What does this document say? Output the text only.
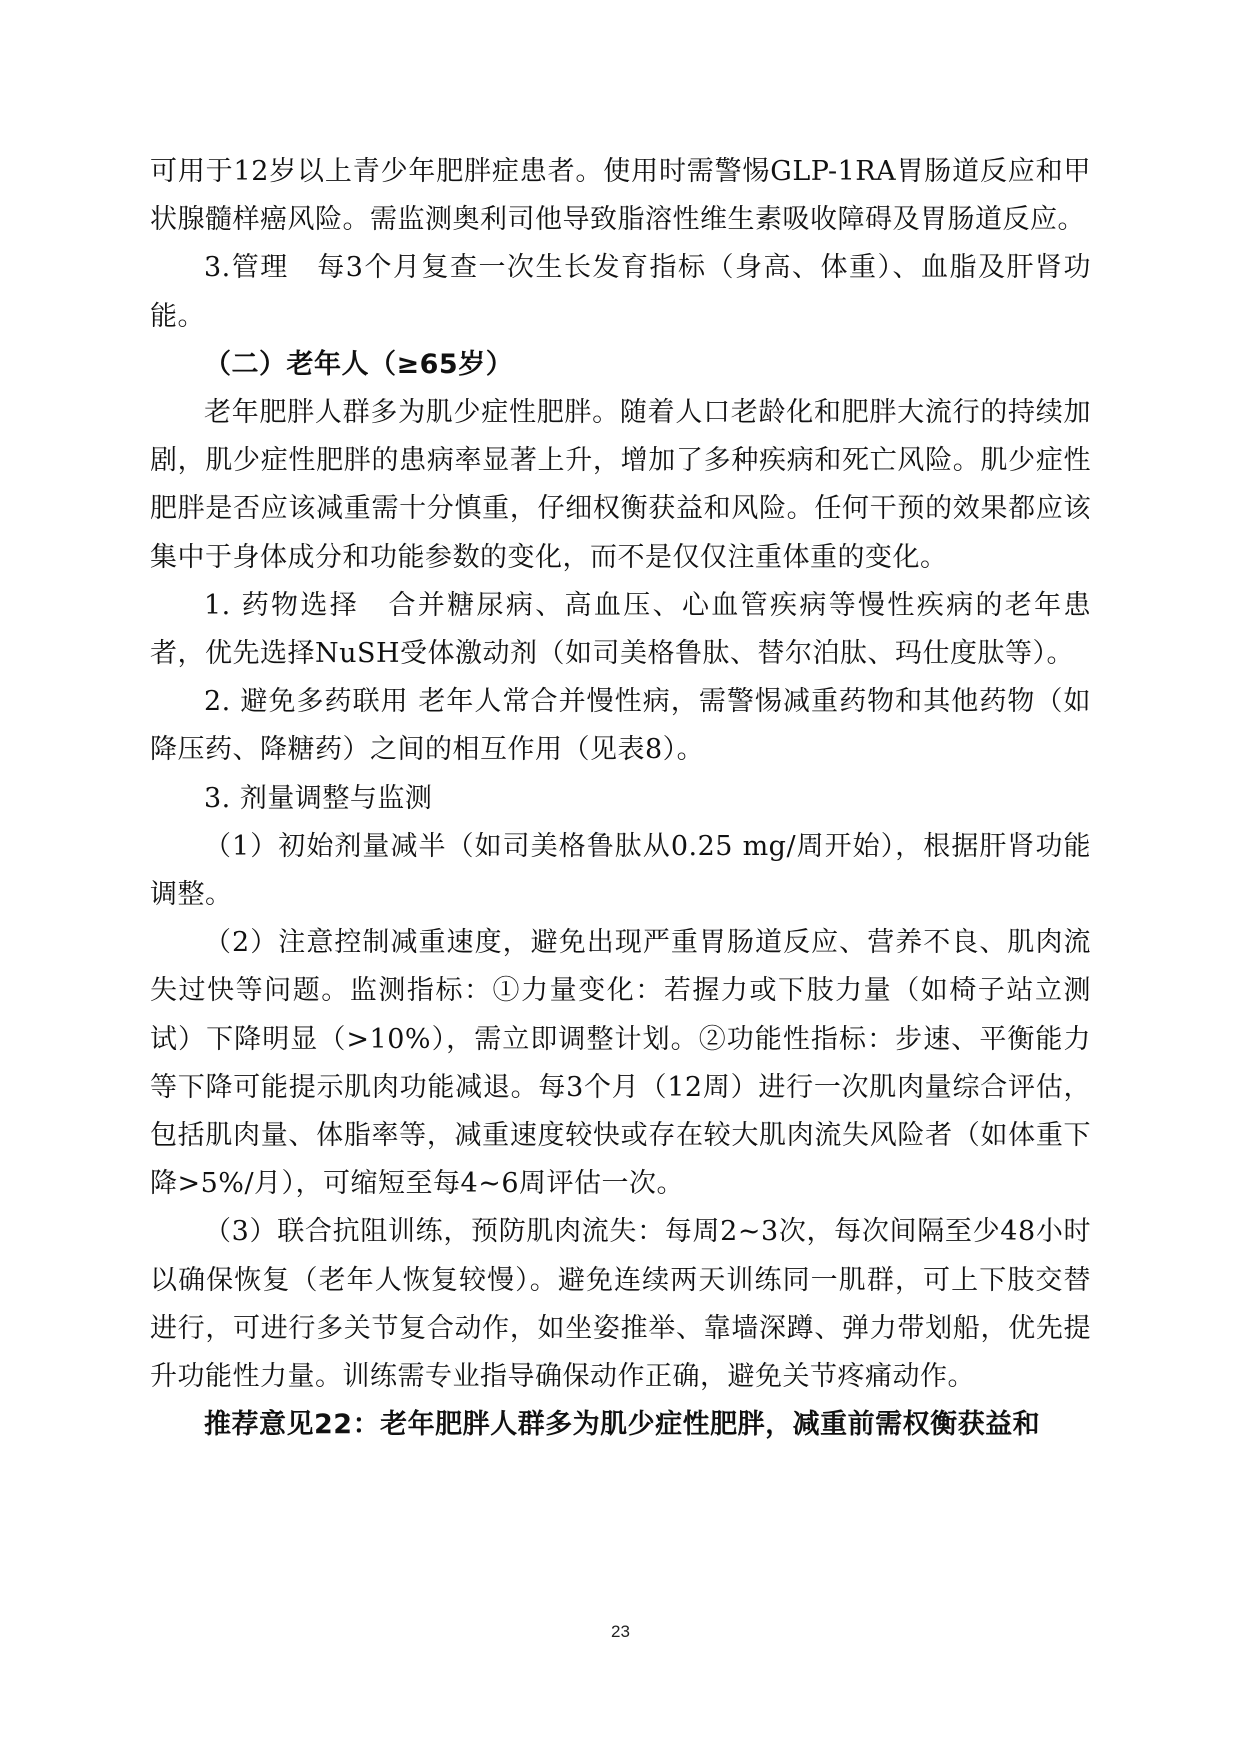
可用于12岁以上青少年肥胖症患者。使用时需警惕GLP-1RA胃肠道反应和甲状腺髓样癌风险。需监测奥利司他导致脂溶性维生素吸收障碍及胃肠道反应。

3.管理　每3个月复查一次生长发育指标（身高、体重）、血脂及肝肾功能。

（二）老年人（≥65岁）

老年肥胖人群多为肌少症性肥胖。随着人口老龄化和肥胖大流行的持续加剧，肌少症性肥胖的患病率显著上升，增加了多种疾病和死亡风险。肌少症性肥胖是否应该减重需十分慎重，仔细权衡获益和风险。任何干预的效果都应该集中于身体成分和功能参数的变化，而不是仅仅注重体重的变化。

1. 药物选择　合并糖尿病、高血压、心血管疾病等慢性疾病的老年患者，优先选择NuSH受体激动剂（如司美格鲁肽、替尔泊肽、玛仕度肽等）。

2. 避免多药联用 老年人常合并慢性病，需警惕减重药物和其他药物（如降压药、降糖药）之间的相互作用（见表8）。

3. 剂量调整与监测

（1）初始剂量减半（如司美格鲁肽从0.25 mg/周开始），根据肝肾功能调整。

（2）注意控制减重速度，避免出现严重胃肠道反应、营养不良、肌肉流失过快等问题。监测指标：①力量变化：若握力或下肢力量（如椅子站立测试）下降明显（>10%），需立即调整计划。②功能性指标：步速、平衡能力等下降可能提示肌肉功能减退。每3个月（12周）进行一次肌肉量综合评估，包括肌肉量、体脂率等，减重速度较快或存在较大肌肉流失风险者（如体重下降>5%/月），可缩短至每4~6周评估一次。

（3）联合抗阻训练，预防肌肉流失：每周2~3次，每次间隔至少48小时以确保恢复（老年人恢复较慢）。避免连续两天训练同一肌群，可上下肢交替进行，可进行多关节复合动作，如坐姿推举、靠墙深蹲、弹力带划船，优先提升功能性力量。训练需专业指导确保动作正确，避免关节疼痛动作。

推荐意见22：老年肥胖人群多为肌少症性肥胖，减重前需权衡获益和

23
